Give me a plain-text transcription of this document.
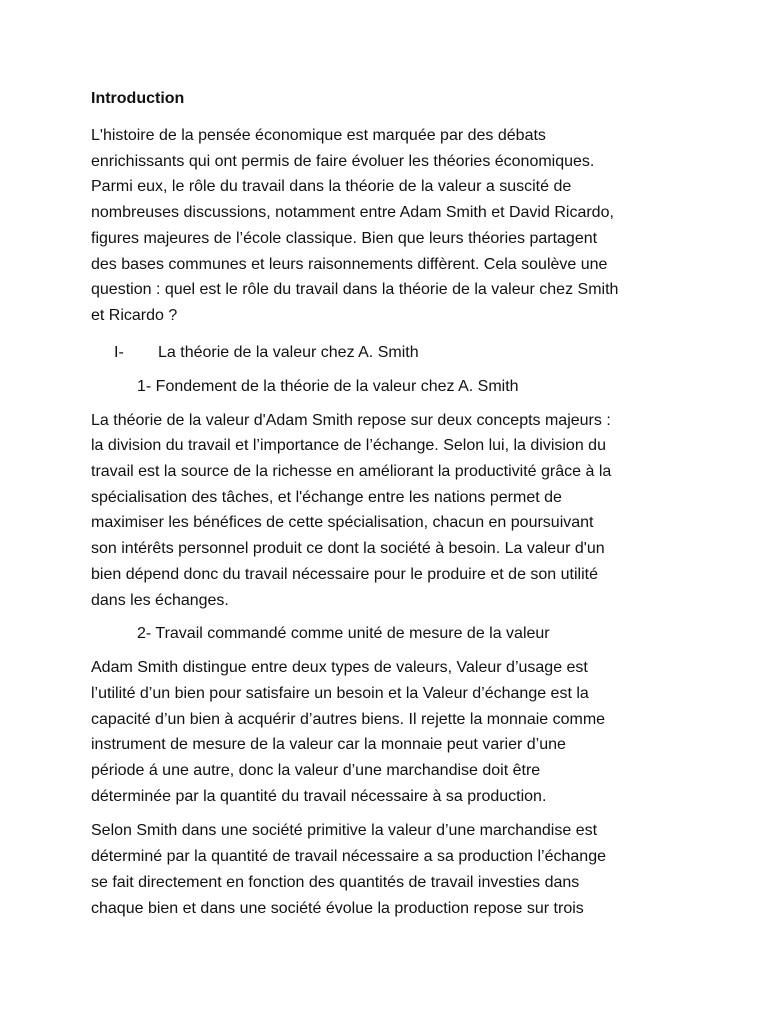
Introduction
L'histoire de la pensée économique est marquée par des débats
enrichissants qui ont permis de faire évoluer les théories économiques.
Parmi eux, le rôle du travail dans la théorie de la valeur a suscité de
nombreuses discussions, notamment entre Adam Smith et David Ricardo,
figures majeures de l’école classique. Bien que leurs théories partagent
des bases communes et leurs raisonnements diffèrent. Cela soulève une
question : quel est le rôle du travail dans la théorie de la valeur chez Smith
et Ricardo ?
I-	La théorie de la valeur chez A. Smith
1- Fondement de la théorie de la valeur chez A. Smith
La théorie de la valeur d'Adam Smith repose sur deux concepts majeurs :
la division du travail et l’importance de l’échange. Selon lui, la division du
travail est la source de la richesse en améliorant la productivité grâce à la
spécialisation des tâches, et l'échange entre les nations permet de
maximiser les bénéfices de cette spécialisation, chacun en poursuivant
son intérêts personnel produit ce dont la société à besoin. La valeur d'un
bien dépend donc du travail nécessaire pour le produire et de son utilité
dans les échanges.
2- Travail commandé comme unité de mesure de la valeur
Adam Smith distingue entre deux types de valeurs, Valeur d’usage est
l’utilité d’un bien pour satisfaire un besoin et la Valeur d’échange est la
capacité d’un bien à acquérir d’autres biens. Il rejette la monnaie comme
instrument de mesure de la valeur car la monnaie peut varier d’une
période á une autre, donc la valeur d’une marchandise doit être
déterminée par la quantité du travail nécessaire à sa production.
Selon Smith dans une société primitive la valeur d’une marchandise est
déterminé par la quantité de travail nécessaire a sa production l’échange
se fait directement en fonction des quantités de travail investies dans
chaque bien et dans une société évolue la production repose sur trois
